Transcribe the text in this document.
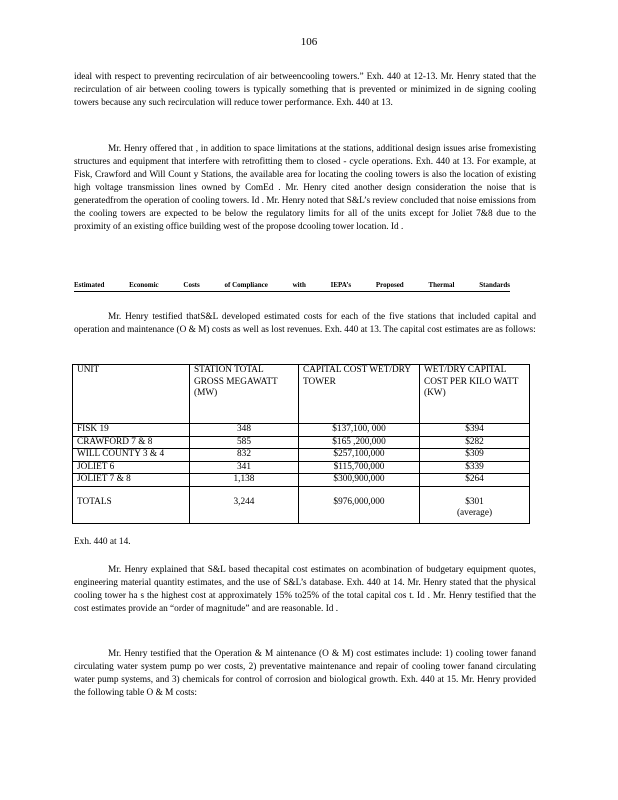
106

ideal with respect to preventing recirculation of air betweencooling towers.” Exh. 440 at 12-13. Mr. Henry stated that the recirculation of air between cooling towers is typically something that is prevented or minimized in de signing cooling towers because any such recirculation will reduce tower performance. Exh. 440 at 13.

Mr. Henry offered that , in addition to space limitations at the stations, additional design issues arise fromexisting structures and equipment that interfere with retrofitting them to closed - cycle operations. Exh. 440 at 13. For example, at Fisk, Crawford and Will Count y Stations, the available area for locating the cooling towers is also the location of existing high voltage transmission lines owned by ComEd . Mr. Henry cited another design consideration the noise that is generatedfrom the operation of cooling towers. Id . Mr. Henry noted that S&L’s review concluded that noise emissions from the cooling towers are expected to be below the regulatory limits for all of the units except for Joliet 7&8 due to the proximity of an existing office building west of the propose dcooling tower location. Id .

Estimated	Economic	Costs	of Compliance	with	IEPA’s	Proposed	Thermal	Standards

Mr. Henry testified thatS&L developed estimated costs for each of the five stations that included capital and operation and maintenance (O & M) costs as well as lost revenues. Exh. 440 at 13. The capital cost estimates are as follows:

UNIT	STATION TOTAL GROSS MEGAWATT (MW)	CAPITAL COST WET/DRY TOWER	WET/DRY CAPITAL COST PER KILO WATT (KW)
FISK 19	348	$137,100, 000	$394
CRAWFORD 7 & 8	585	$165 ,200,000	$282
WILL COUNTY 3 & 4	832	$257,100,000	$309
JOLIET 6	341	$115,700,000	$339
JOLIET 7 & 8	1,138	$300,900,000	$264
TOTALS	3,244	$976,000,000	$301
(average)
Exh. 440 at 14.

Mr. Henry explained that S&L based thecapital cost estimates on acombination of budgetary equipment quotes, engineering material quantity estimates, and the use of S&L’s database. Exh. 440 at 14. Mr. Henry stated that the physical cooling tower ha s the highest cost at approximately 15% to25% of the total capital cos t. Id . Mr. Henry testified that the cost estimates provide an “order of magnitude” and are reasonable. Id .

Mr. Henry testified that the Operation & M aintenance (O & M) cost estimates include: 1) cooling tower fanand circulating water system pump po wer costs, 2) preventative maintenance and repair of cooling tower fanand circulating water pump systems, and 3) chemicals for control of corrosion and biological growth. Exh. 440 at 15. Mr. Henry provided the following table O & M costs:
